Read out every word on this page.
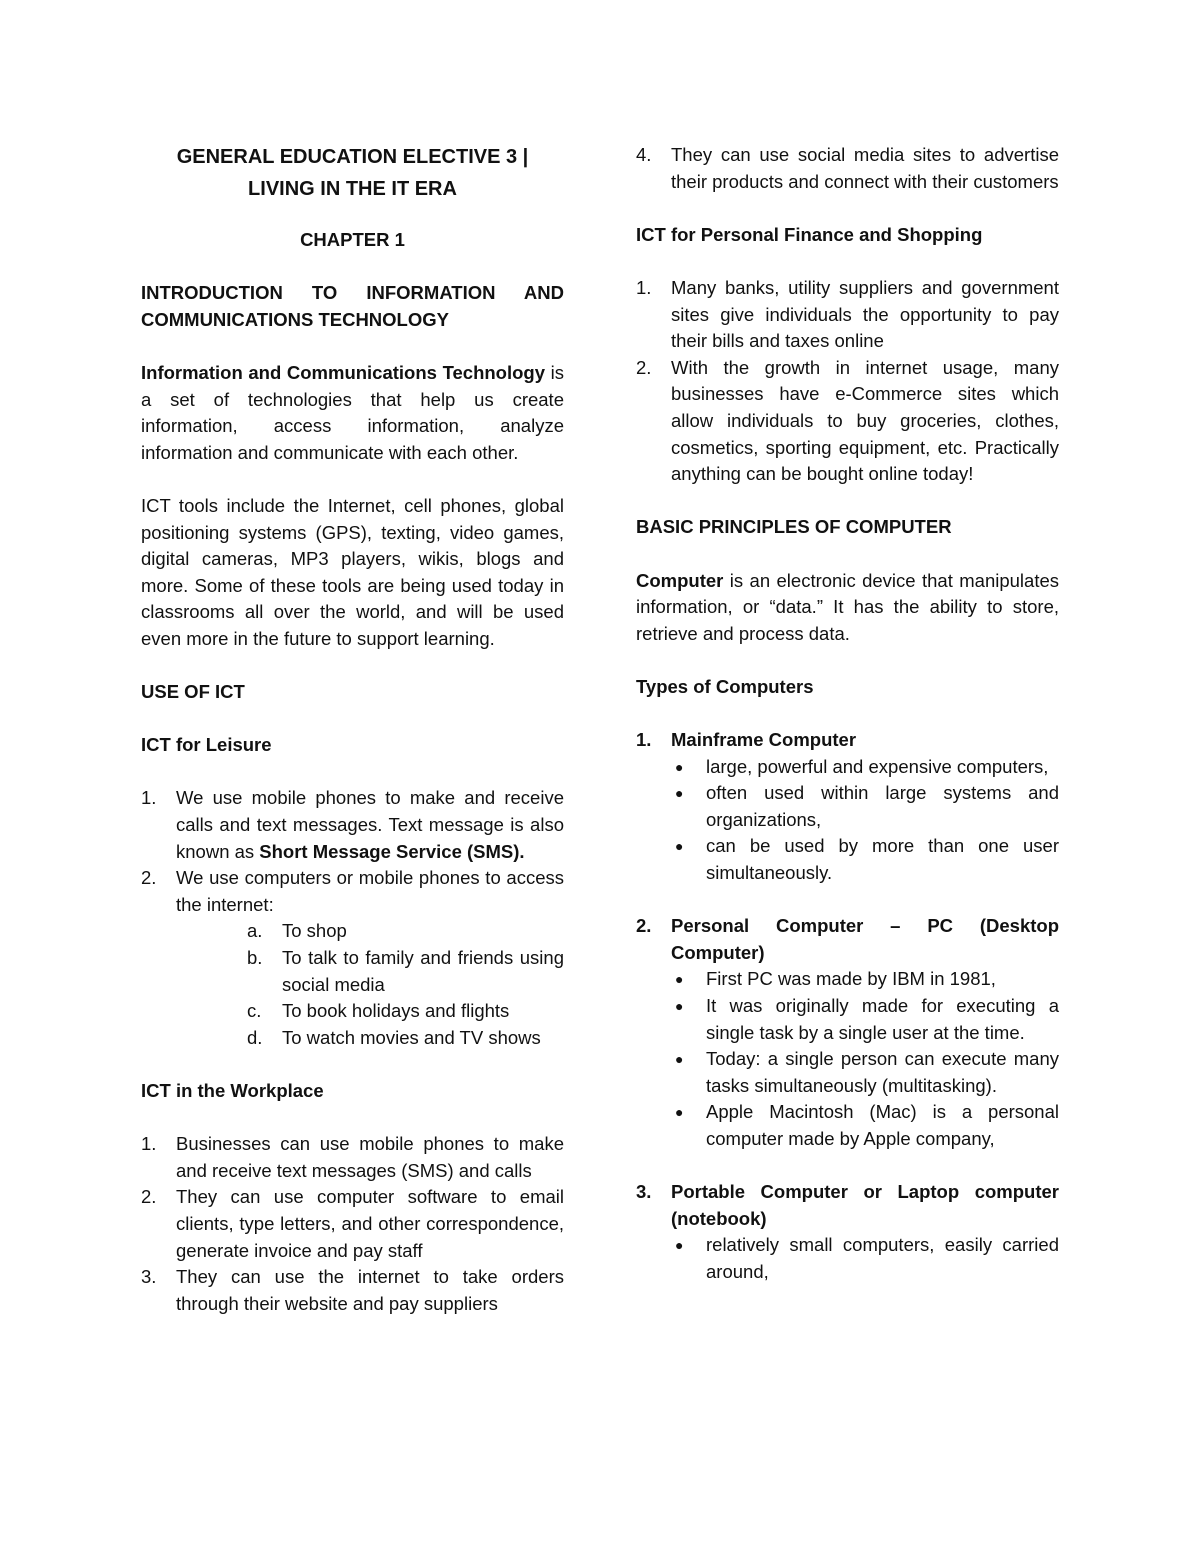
GENERAL EDUCATION ELECTIVE 3 |
LIVING IN THE IT ERA
CHAPTER 1
INTRODUCTION TO INFORMATION AND COMMUNICATIONS TECHNOLOGY

Information and Communications Technology is a set of technologies that help us create information, access information, analyze information and communicate with each other.

ICT tools include the Internet, cell phones, global positioning systems (GPS), texting, video games, digital cameras, MP3 players, wikis, blogs and more. Some of these tools are being used today in classrooms all over the world, and will be used even more in the future to support learning.

USE OF ICT
ICT for Leisure
1. We use mobile phones to make and receive calls and text messages. Text message is also known as Short Message Service (SMS).
2. We use computers or mobile phones to access the internet:
a. To shop
b. To talk to family and friends using social media
c. To book holidays and flights
d. To watch movies and TV shows
ICT in the Workplace
1. Businesses can use mobile phones to make and receive text messages (SMS) and calls
2. They can use computer software to email clients, type letters, and other correspondence, generate invoice and pay staff
3. They can use the internet to take orders through their website and pay suppliers
4. They can use social media sites to advertise their products and connect with their customers
ICT for Personal Finance and Shopping
1. Many banks, utility suppliers and government sites give individuals the opportunity to pay their bills and taxes online
2. With the growth in internet usage, many businesses have e-Commerce sites which allow individuals to buy groceries, clothes, cosmetics, sporting equipment, etc. Practically anything can be bought online today!
BASIC PRINCIPLES OF COMPUTER

Computer is an electronic device that manipulates information, or “data.” It has the ability to store, retrieve and process data.

Types of Computers
1. Mainframe Computer
● large, powerful and expensive computers,
● often used within large systems and organizations,
● can be used by more than one user simultaneously.
2. Personal Computer – PC (Desktop Computer)
● First PC was made by IBM in 1981,
● It was originally made for executing a single task by a single user at the time.
● Today: a single person can execute many tasks simultaneously (multitasking).
● Apple Macintosh (Mac) is a personal computer made by Apple company,
3. Portable Computer or Laptop computer (notebook)
● relatively small computers, easily carried around,
